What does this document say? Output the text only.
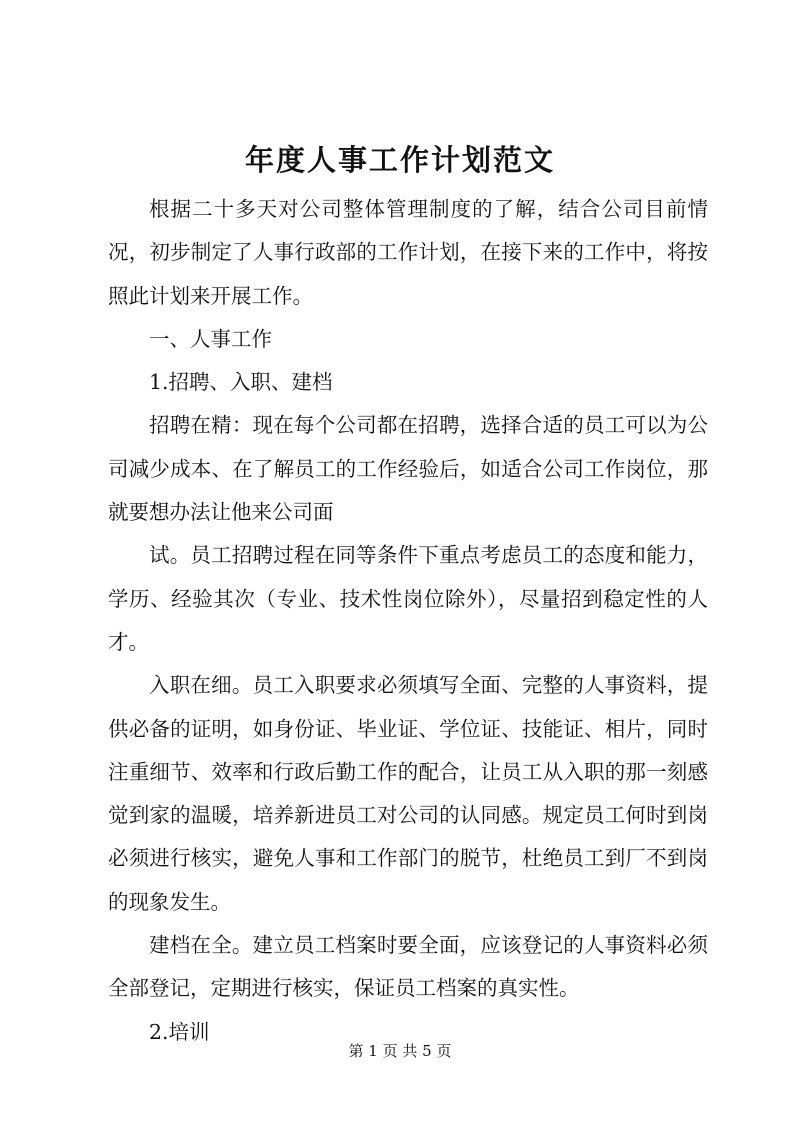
年度人事工作计划范文

根据二十多天对公司整体管理制度的了解，结合公司目前情况，初步制定了人事行政部的工作计划，在接下来的工作中，将按照此计划来开展工作。

一、人事工作

1.招聘、入职、建档

招聘在精：现在每个公司都在招聘，选择合适的员工可以为公司减少成本、在了解员工的工作经验后，如适合公司工作岗位，那就要想办法让他来公司面

试。员工招聘过程在同等条件下重点考虑员工的态度和能力，学历、经验其次（专业、技术性岗位除外），尽量招到稳定性的人才。

入职在细。员工入职要求必须填写全面、完整的人事资料，提供必备的证明，如身份证、毕业证、学位证、技能证、相片，同时注重细节、效率和行政后勤工作的配合，让员工从入职的那一刻感觉到家的温暖，培养新进员工对公司的认同感。规定员工何时到岗必须进行核实，避免人事和工作部门的脱节，杜绝员工到厂不到岗的现象发生。

建档在全。建立员工档案时要全面，应该登记的人事资料必须全部登记，定期进行核实，保证员工档案的真实性。

2.培训

第 1 页 共 5 页
